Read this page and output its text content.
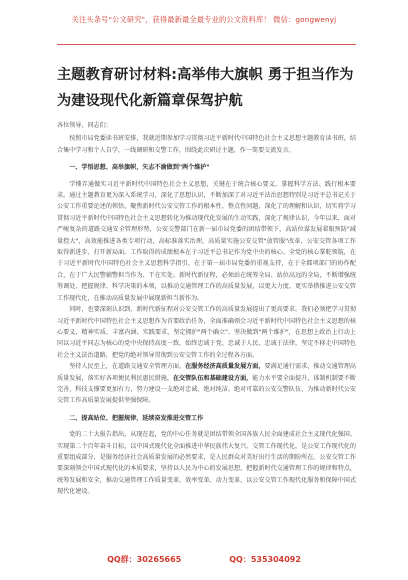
关注头条号"公文研究"，获得最新最全最专业的公文资料库！ 微信：gongwenyj
主题教育研讨材料:高举伟大旗帜 勇于担当作为为建设现代化新篇章保驾护航

各位领导、同志们：

按照市局党委读书班安排，我就近期参加学习贯彻习近平新时代中国特色社会主义思想主题教育读书班，结合集中学习和个人自学，一线调研和交警工作，围绕此次研讨主题，作一简要交流发言。

一、学悟思想、高举旗帜，矢志不渝做到"两个维护"

学懂弄通做实习近平新时代中国特色社会主义思想，关键在于统合核心要义、掌握科学方法、践行根本要求。通过主题教育更为深入系统学习，深化了思想认识，不断加深了对习近平法治思想特别是习近平总书记关于公安工作重要论述的领悟，聚焦新时代公安交管工作的根本性、整点性问题，深化了的理解和认识，切实将学习贯彻习近平新时代中国特色社会主义思想转化为推动现代化发展的生动实践，深化了规律认识，今年以来，面对严峻复杂的道路交通安全管理形势，公安交警部门在新一届市局党委的团结带领下，高站位谋发展着眼预防"减量控大"，高效能推进各类专项行动，高标准落实治理，高质量实施公安交管"放管服"改革，公安交管各项工作取得新进步、打开新局面。工作取得的成绩根本在于习近平总书记作为党中央的核心、全党的核心掌舵领航，在于习近平新时代中国特色社会主义思想科学指引，在于第一届市局党委的重视支持，在于全都项部门的协作配合，在于广大民警辅警担当作为、干在实处。新时代新征程，必须站在统筹全局、站位高远的全局，不断增强统筹调处、把握规律、科学决策的本领，以推动交通管理工作的高质量发展，以更大力度、更实举措推进公安交管工作现代化，在推动高质量发展中展现新担当新作为。

同时，也要深刻认识到，新时代新征程对公安交管工作的高质量发展提出了更高要求。我们必须把学习贯彻习近平新时代中国特色社会主义思想作为首要政治任务，全面准确领会习近平新时代中国特色社会主义思想的核心要义、精神实质、丰富内涵、实践要求，坚定拥护"两个确立"、坚决做到"两个维护"，在思想上政治上行动上同以习近平同志为核心的党中央保持高度一致，始终忠诚于党、忠诚于人民、忠诚于法律，坚定不移走中国特色社会主义法治道路，把党的绝对领导贯彻到公安交管工作的全过程各方面。

坚持人民至上，在道路交通安全管理方面，在服务经济高质量发展方面，要满足通行需求，推动交通管理高质量发展，落实好各项便民利民惠民措施，在交管队伍和基础建设方面，能力水平要全面提升，体制机制要不断完善，科技支撑要更加有力，努力建设一支绝对忠诚、绝对纯洁、绝对可靠的公安交警队伍，为推动新时代公安交管工作高质量发展提供坚强保障。

二、提高站位、把握规律，延续奋发推进交管工作

党的二十大报告指出，从现在起，党的中心任务就是团结带领全国各族人民全面建成社会主义现代化强国、实现第二个百年奋斗目标，以中国式现代化全面推进中华民族伟大复兴。交管工作现代化，是公安工作现代化的重要组成部分，是服务经济社会高质量发展的必然要求，是人民群众对美好出行生活的期盼所在。公安交管工作要深刻领会中国式现代化的本质要求，坚持以人民为中心的发展思想，把握新时代交通管理工作的规律和特点，统筹发展和安全，推动交通管理工作质量变革、效率变革、动力变革，以公安交管工作现代化服务和保障中国式现代化建设。

QQ群：30265665	QQ：535304092
